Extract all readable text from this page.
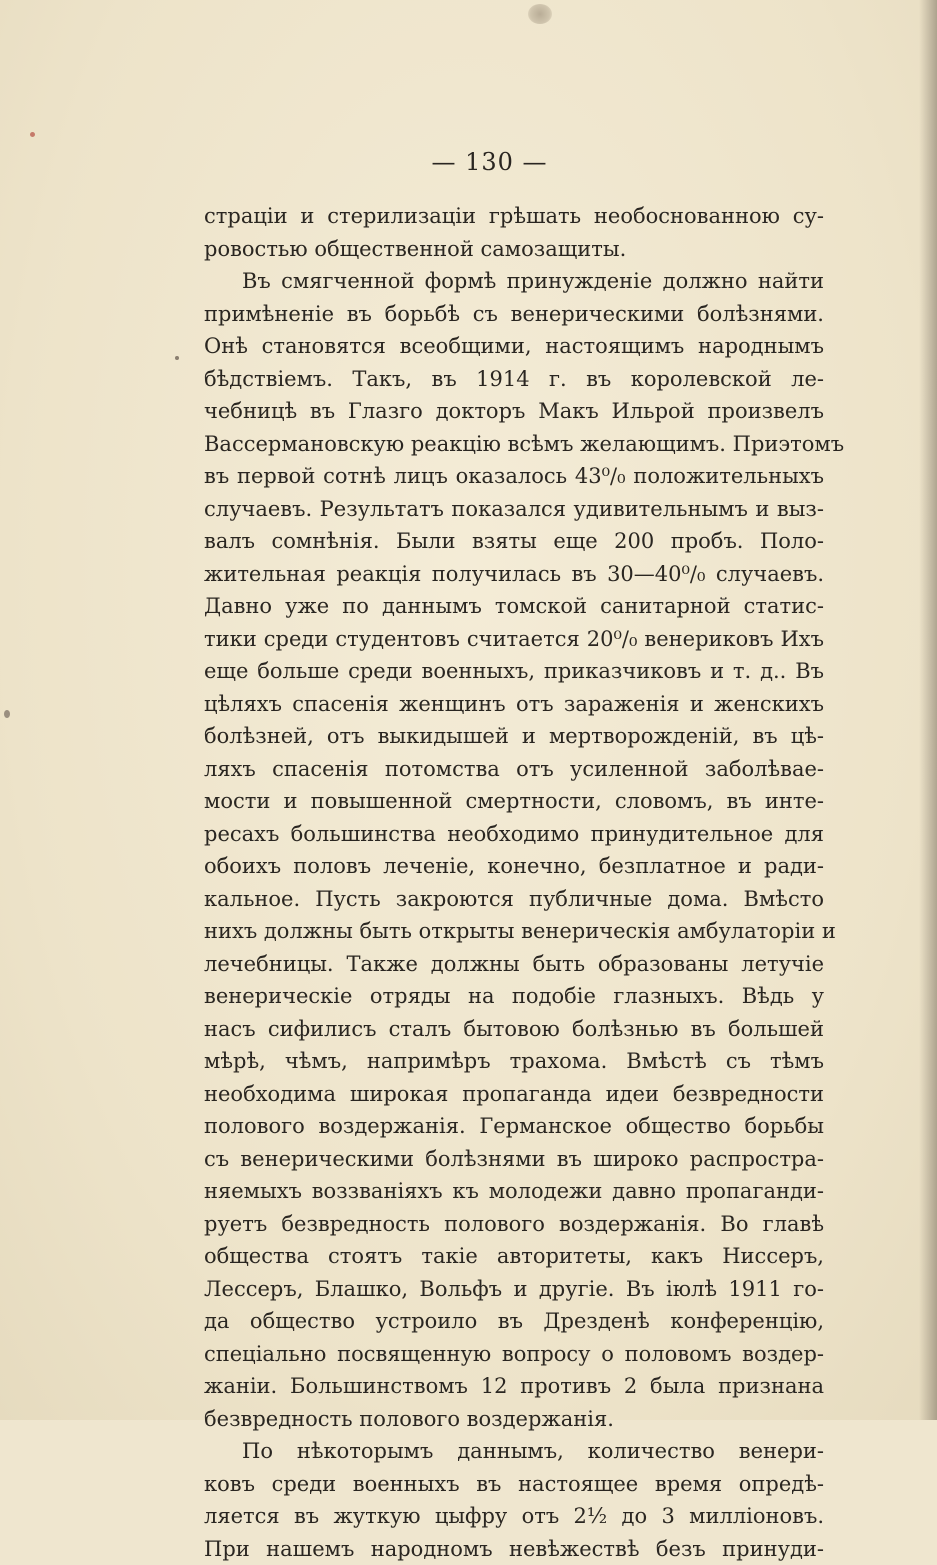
— 130 —
страціи и стерилизаціи грѣшать необоснованною су-
ровостью общественной самозащиты.
Въ смягченной формѣ принужденіе должно найти
примѣненіе въ борьбѣ съ венерическими болѣзнями.
Онѣ становятся всеобщими, настоящимъ народнымъ
бѣдствіемъ. Такъ, въ 1914 г. въ королевской ле-
чебницѣ въ Глазго докторъ Макъ Ильрой произвелъ
Вассермановскую реакцію всѣмъ желающимъ. Приэтомъ
въ первой сотнѣ лицъ оказалось 43⁰/₀ положительныхъ
случаевъ. Результатъ показался удивительнымъ и выз-
валъ сомнѣнія. Были взяты еще 200 пробъ. Поло-
жительная реакція получилась въ 30—40⁰/₀ случаевъ.
Давно уже по даннымъ томской санитарной статис-
тики среди студентовъ считается 20⁰/₀ венериковъ Ихъ
еще больше среди военныхъ, приказчиковъ и т. д.. Въ
цѣляхъ спасенія женщинъ отъ зараженія и женскихъ
болѣзней, отъ выкидышей и мертворожденій, въ цѣ-
ляхъ спасенія потомства отъ усиленной заболѣвае-
мости и повышенной смертности, словомъ, въ инте-
ресахъ большинства необходимо принудительное для
обоихъ половъ леченіе, конечно, безплатное и ради-
кальное. Пусть закроются публичные дома. Вмѣсто
нихъ должны быть открыты венерическія амбулаторіи и
лечебницы. Также должны быть образованы летучіе
венерическіе отряды на подобіе глазныхъ. Вѣдь у
насъ сифилисъ сталъ бытовою болѣзнью въ большей
мѣрѣ, чѣмъ, напримѣръ трахома. Вмѣстѣ съ тѣмъ
необходима широкая пропаганда идеи безвредности
полового воздержанія. Германское общество борьбы
съ венерическими болѣзнями въ широко распростра-
няемыхъ воззваніяхъ къ молодежи давно пропаганди-
руетъ безвредность полового воздержанія. Во главѣ
общества стоятъ такіе авторитеты, какъ Ниссеръ,
Лессеръ, Блашко, Вольфъ и другіе. Въ іюлѣ 1911 го-
да общество устроило въ Дрезденѣ конференцію,
спеціально посвященную вопросу о половомъ воздер-
жаніи. Большинствомъ 12 противъ 2 была признана
безвредность полового воздержанія.
По нѣкоторымъ даннымъ, количество венери-
ковъ среди военныхъ въ настоящее время опредѣ-
ляется въ жуткую цыфру отъ 2½ до 3 милліоновъ.
При нашемъ народномъ невѣжествѣ безъ принуди-
